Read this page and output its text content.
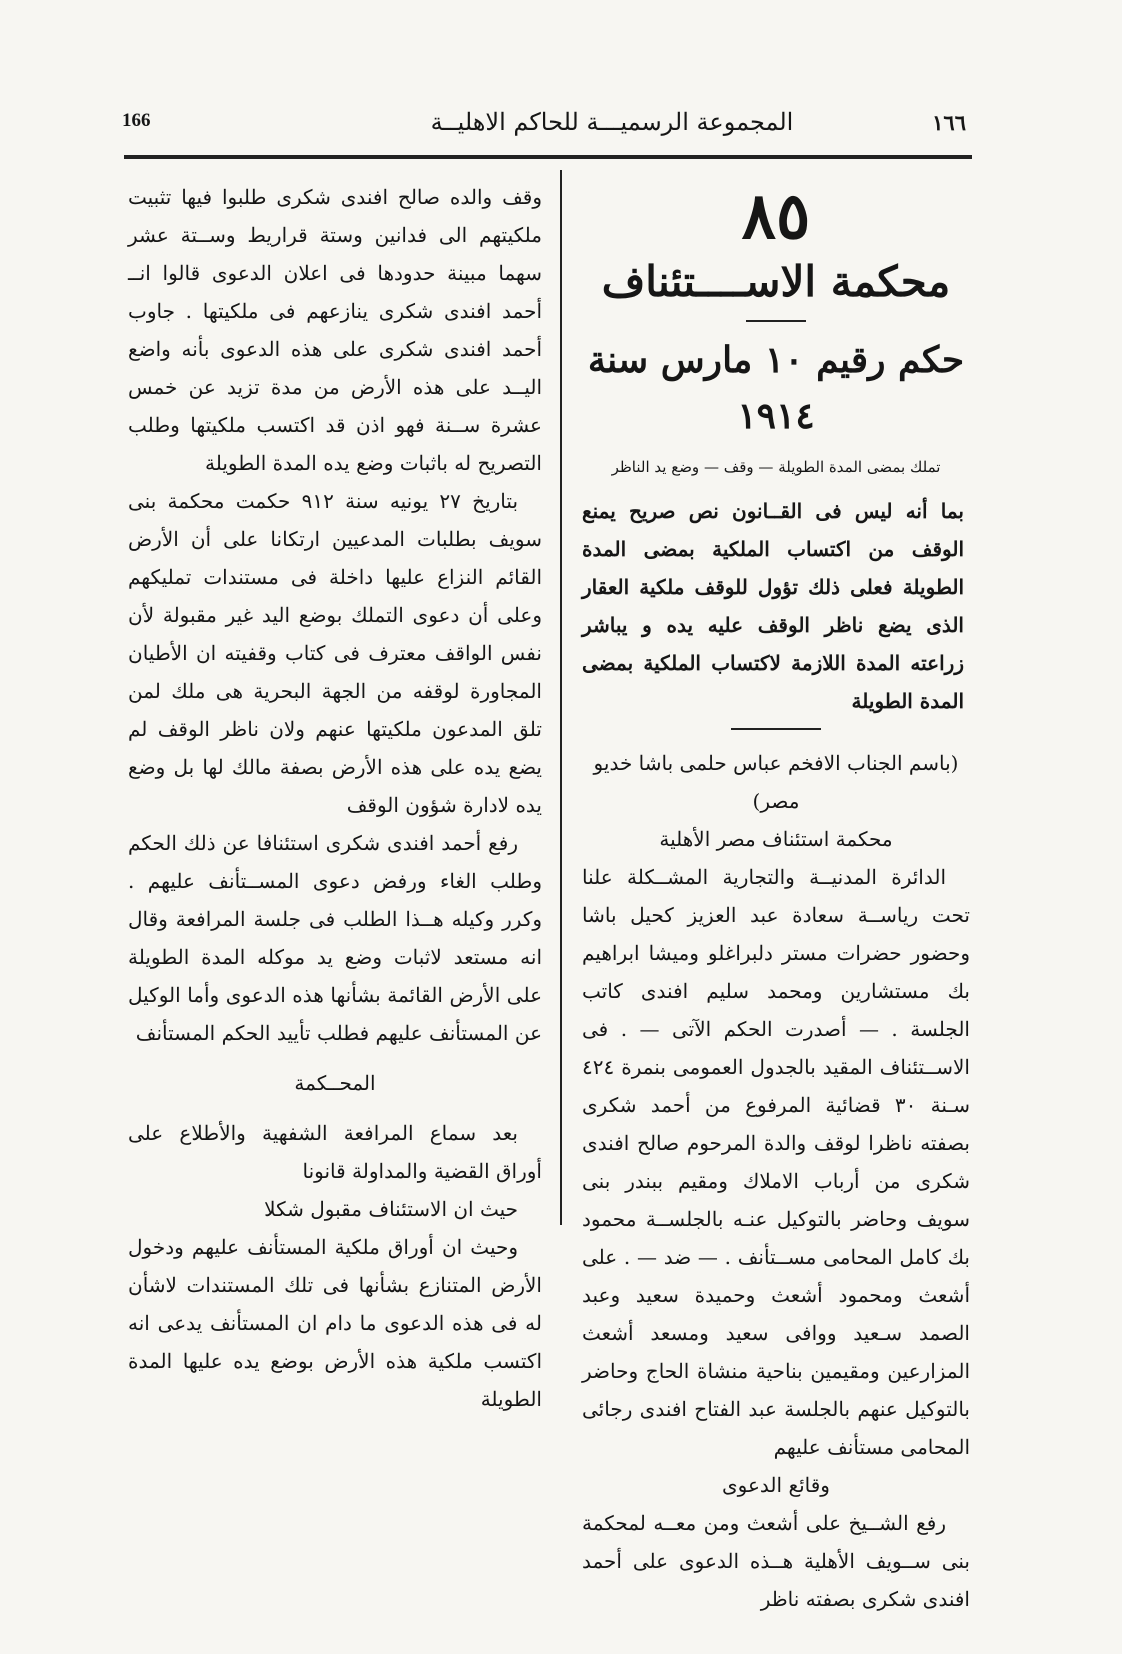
166	المجموعة الرسميـــة للحاكم الاهليــة	١٦٦
٨٥
محكمة الاســــتئناف
حكم رقيم ١٠ مارس سنة ١٩١٤
تملك بمضى المدة الطويلة — وقف — وضع يد الناظر

بما أنه ليس فى القــانون نص صريح يمنع الوقف من اكتساب الملكية بمضى المدة الطويلة فعلى ذلك تؤول للوقف ملكية العقار الذى يضع ناظر الوقف عليه يده و يباشر زراعته المدة اللازمة لاكتساب الملكية بمضى المدة الطويلة

(باسم الجناب الافخم عباس حلمى باشا خديو مصر)

محكمة استئناف مصر الأهلية

الدائرة المدنيــة والتجارية المشــكلة علنا تحت رياســة سعادة عبد العزيز كحيل باشا وحضور حضرات مستر دلبراغلو وميشا ابراهيم بك مستشارين ومحمد سليم افندى كاتب الجلسة . — أصدرت الحكم الآتى — . فى الاســتئناف المقيد بالجدول العمومى بنمرة ٤٢٤ سـنة ٣٠ قضائية المرفوع من أحمد شكرى بصفته ناظرا لوقف والدة المرحوم صالح افندى شكرى من أرباب الاملاك ومقيم ببندر بنى سويف وحاضر بالتوكيل عنـه بالجلســة محمود بك كامل المحامى مســتأنف . — ضد — . على أشعث ومحمود أشعث وحميدة سعيد وعبد الصمد سـعيد ووافى سعيد ومسعد أشعث المزارعين ومقيمين بناحية منشاة الحاج وحاضر بالتوكيل عنهم بالجلسة عبد الفتاح افندى رجائى المحامى مستأنف عليهم

وقائع الدعوى

رفع الشــيخ على أشعث ومن معــه لمحكمة بنى ســويف الأهلية هــذه الدعوى على أحمد افندى شكرى بصفته ناظر

وقف والده صالح افندى شكرى طلبوا فيها تثبيت ملكيتهم الى فدانين وستة قراريط وســتة عشر سهما مبينة حدودها فى اعلان الدعوى قالوا انــ أحمد افندى شكرى ينازعهم فى ملكيتها . جاوب أحمد افندى شكرى على هذه الدعوى بأنه واضع اليــد على هذه الأرض من مدة تزيد عن خمس عشرة ســنة فهو اذن قد اكتسب ملكيتها وطلب التصريح له باثبات وضع يده المدة الطويلة

بتاريخ ٢٧ يونيه سنة ٩١٢ حكمت محكمة بنى سويف بطلبات المدعيين ارتكانا على أن الأرض القائم النزاع عليها داخلة فى مستندات تمليكهم وعلى أن دعوى التملك بوضع اليد غير مقبولة لأن نفس الواقف معترف فى كتاب وقفيته ان الأطيان المجاورة لوقفه من الجهة البحرية هى ملك لمن تلق المدعون ملكيتها عنهم ولان ناظر الوقف لم يضع يده على هذه الأرض بصفة مالك لها بل وضع يده لادارة شؤون الوقف

رفع أحمد افندى شكرى استئنافا عن ذلك الحكم وطلب الغاء ورفض دعوى المســتأنف عليهم . وكرر وكيله هــذا الطلب فى جلسة المرافعة وقال انه مستعد لاثبات وضع يد موكله المدة الطويلة على الأرض القائمة بشأنها هذه الدعوى وأما الوكيل عن المستأنف عليهم فطلب تأييد الحكم المستأنف

المحــكمة

بعد سماع المرافعة الشفهية والأطلاع على أوراق القضية والمداولة قانونا

حيث ان الاستئناف مقبول شكلا

وحيث ان أوراق ملكية المستأنف عليهم ودخول الأرض المتنازع بشأنها فى تلك المستندات لاشأن له فى هذه الدعوى ما دام ان المستأنف يدعى انه اكتسب ملكية هذه الأرض بوضع يده عليها المدة الطويلة
